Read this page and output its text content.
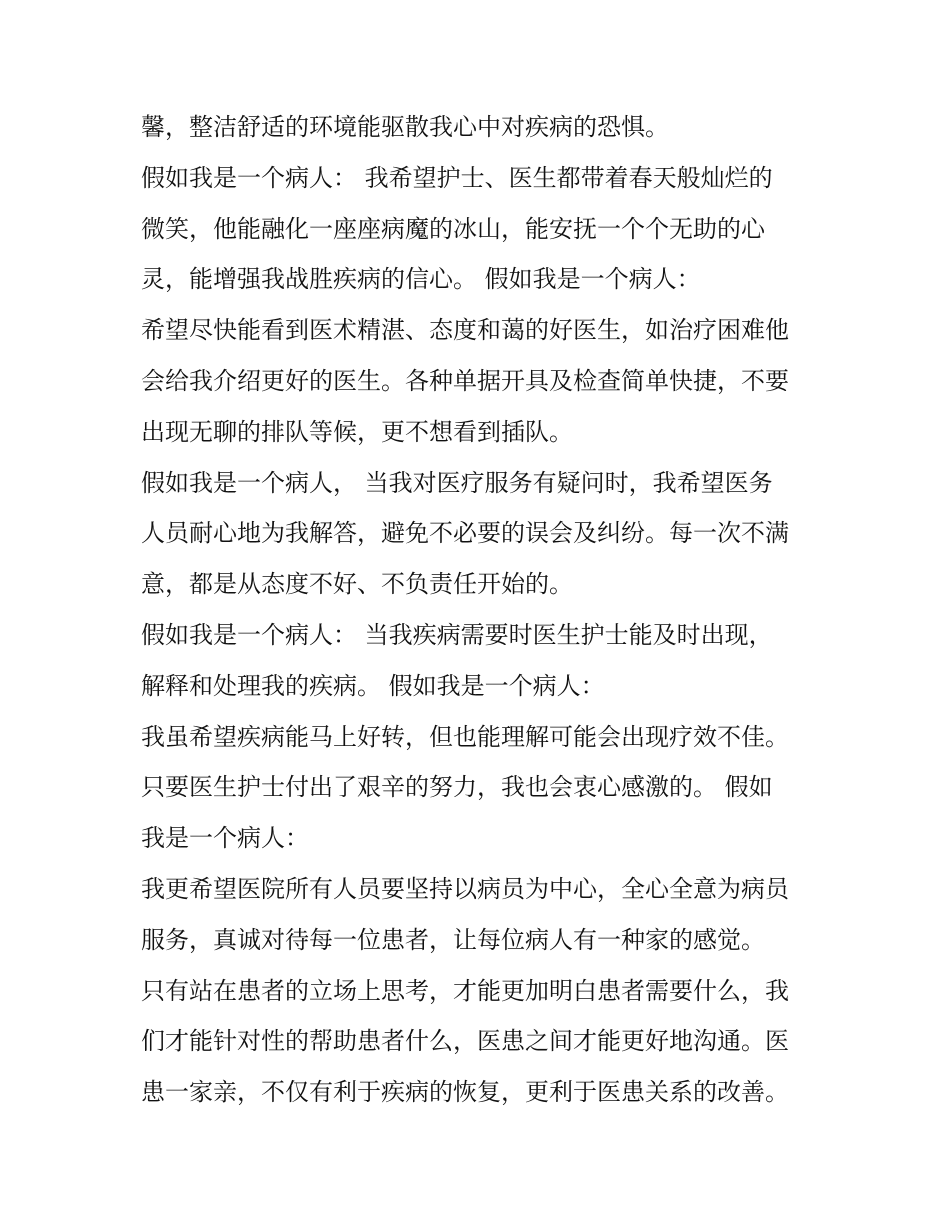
馨，整洁舒适的环境能驱散我心中对疾病的恐惧。
假如我是一个病人： 我希望护士、医生都带着春天般灿烂的
微笑，他能融化一座座病魔的冰山，能安抚一个个无助的心
灵，能增强我战胜疾病的信心。 假如我是一个病人：
希望尽快能看到医术精湛、态度和蔼的好医生，如治疗困难他
会给我介绍更好的医生。各种单据开具及检查简单快捷，不要
出现无聊的排队等候，更不想看到插队。
假如我是一个病人， 当我对医疗服务有疑问时，我希望医务
人员耐心地为我解答，避免不必要的误会及纠纷。每一次不满
意，都是从态度不好、不负责任开始的。
假如我是一个病人： 当我疾病需要时医生护士能及时出现，
解释和处理我的疾病。 假如我是一个病人：
我虽希望疾病能马上好转，但也能理解可能会出现疗效不佳。
只要医生护士付出了艰辛的努力，我也会衷心感激的。 假如
我是一个病人：
我更希望医院所有人员要坚持以病员为中心，全心全意为病员
服务，真诚对待每一位患者，让每位病人有一种家的感觉。
只有站在患者的立场上思考，才能更加明白患者需要什么，我
们才能针对性的帮助患者什么，医患之间才能更好地沟通。医
患一家亲，不仅有利于疾病的恢复，更利于医患关系的改善。
